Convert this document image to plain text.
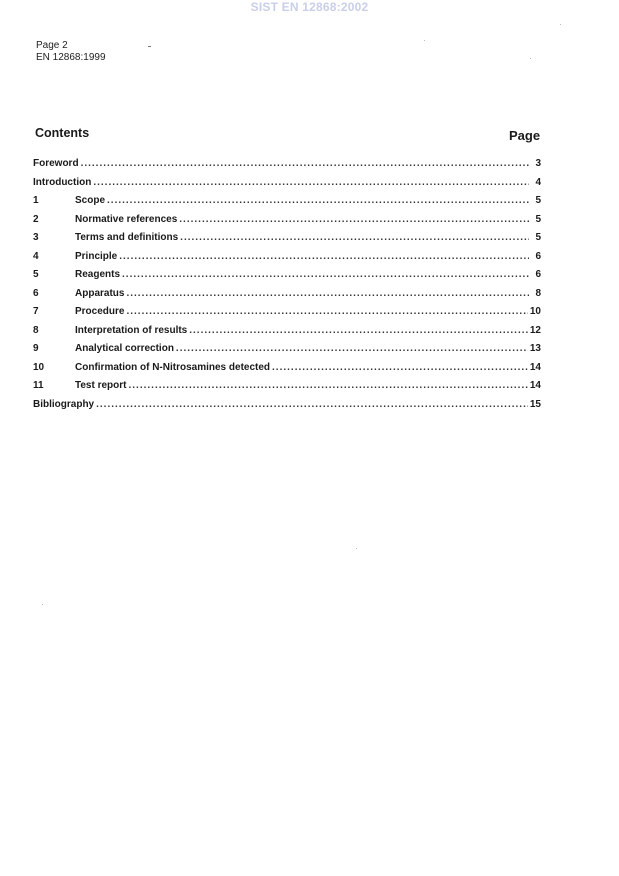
SIST EN 12868:2002
Page 2
EN 12868:1999
Contents	Page
Foreword .....	3
Introduction .....	4
1	Scope .....	5
2	Normative references .....	5
3	Terms and definitions .....	5
4	Principle .....	6
5	Reagents .....	6
6	Apparatus .....	8
7	Procedure .....	10
8	Interpretation of results .....	12
9	Analytical correction .....	13
10	Confirmation of N-Nitrosamines detected .....	14
11	Test report .....	14
Bibliography .....	15
